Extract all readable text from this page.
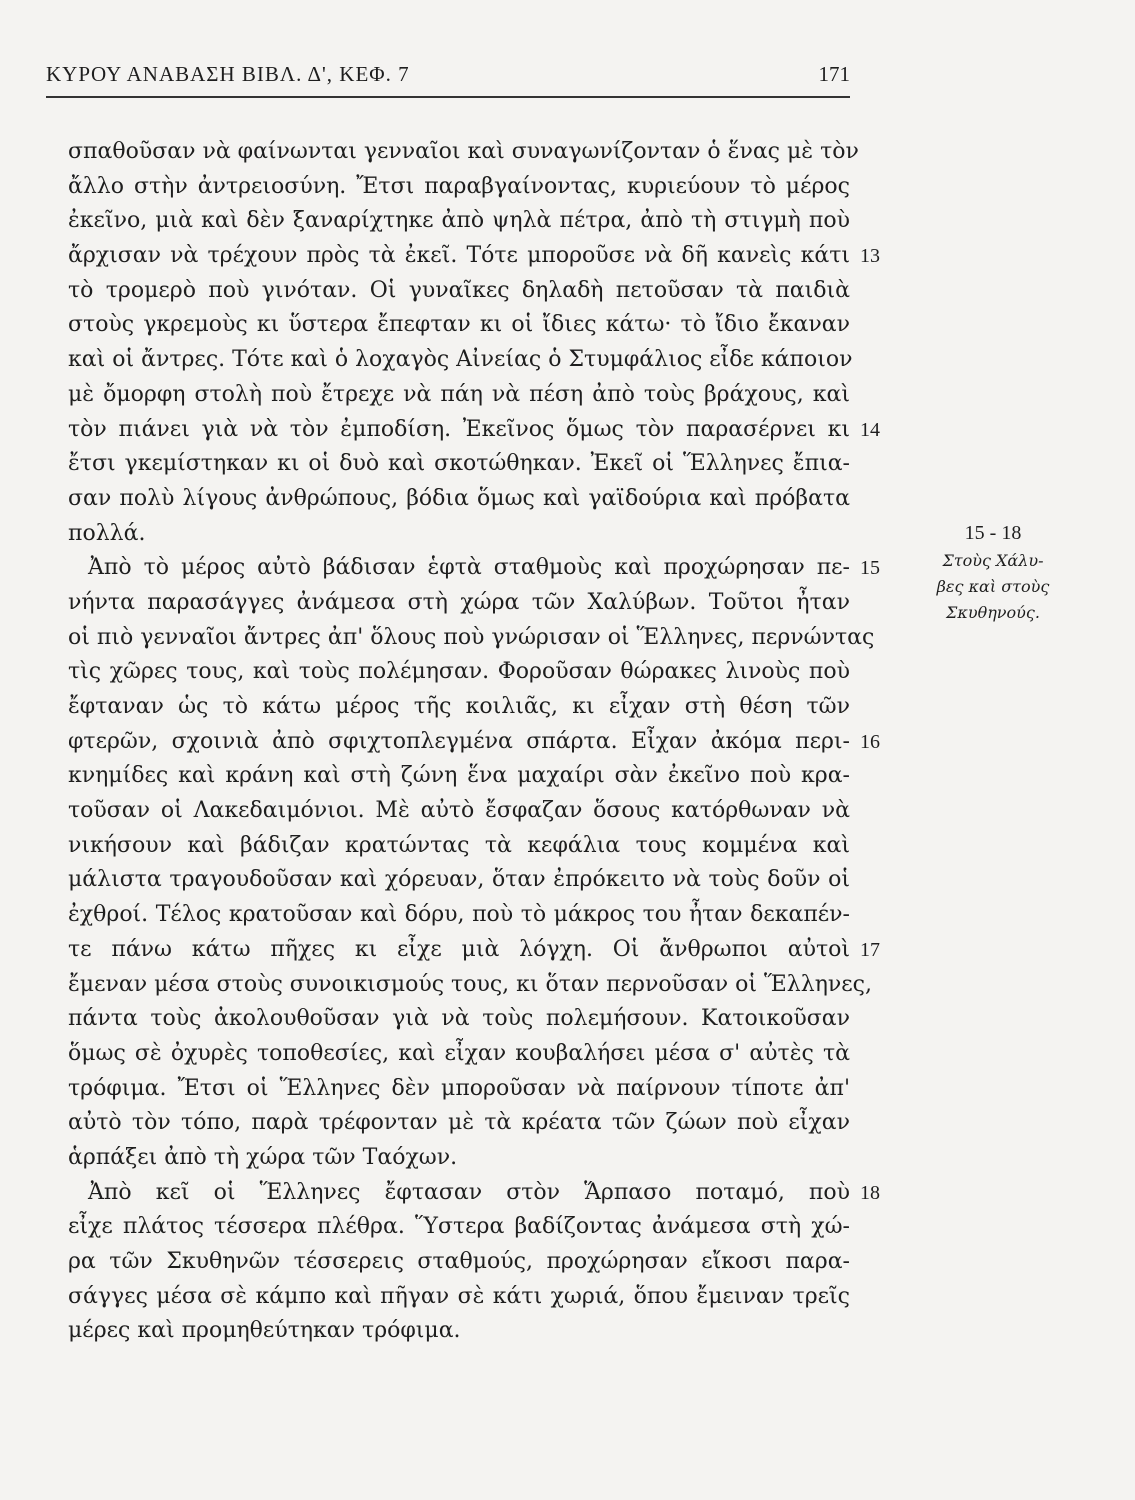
ΚΥΡΟΥ ΑΝΑΒΑΣΗ ΒΙΒΛ. Δ', ΚΕΦ. 7	171
σπαθοῦσαν νὰ φαίνωνται γενναῖοι καὶ συναγωνίζονταν ὁ ἕνας μὲ τὸν
ἄλλο στὴν ἀντρειοσύνη. Ἔτσι παραβγαίνοντας, κυριεύουν τὸ μέρος
ἐκεῖνο, μιὰ καὶ δὲν ξαναρίχτηκε ἀπὸ ψηλὰ πέτρα, ἀπὸ τὴ στιγμὴ ποὺ
ἄρχισαν νὰ τρέχουν πρὸς τὰ ἐκεῖ. Τότε μποροῦσε νὰ δῆ κανεὶς κάτι
τὸ τρομερὸ ποὺ γινόταν. Οἱ γυναῖκες δηλαδὴ πετοῦσαν τὰ παιδιὰ
στοὺς γκρεμοὺς κι ὕστερα ἔπεφταν κι οἱ ἴδιες κάτω· τὸ ἴδιο ἔκαναν
καὶ οἱ ἄντρες. Τότε καὶ ὁ λοχαγὸς Αἰνείας ὁ Στυμφάλιος εἶδε κάποιον
μὲ ὄμορφη στολὴ ποὺ ἔτρεχε νὰ πάη νὰ πέση ἀπὸ τοὺς βράχους, καὶ
τὸν πιάνει γιὰ νὰ τὸν ἐμποδίση. Ἐκεῖνος ὅμως τὸν παρασέρνει κι
ἔτσι γκεμίστηκαν κι οἱ δυὸ καὶ σκοτώθηκαν. Ἐκεῖ οἱ Ἕλληνες ἔπια-
σαν πολὺ λίγους ἀνθρώπους, βόδια ὅμως καὶ γαϊδούρια καὶ πρόβατα
πολλά.
Ἀπὸ τὸ μέρος αὐτὸ βάδισαν ἑφτὰ σταθμοὺς καὶ προχώρησαν πε-
νήντα παρασάγγες ἀνάμεσα στὴ χώρα τῶν Χαλύβων. Τοῦτοι ἦταν
οἱ πιὸ γενναῖοι ἄντρες ἀπ' ὅλους ποὺ γνώρισαν οἱ Ἕλληνες, περνώντας
τὶς χῶρες τους, καὶ τοὺς πολέμησαν. Φοροῦσαν θώρακες λινοὺς ποὺ
ἔφταναν ὡς τὸ κάτω μέρος τῆς κοιλιᾶς, κι εἶχαν στὴ θέση τῶν
φτερῶν, σχοινιὰ ἀπὸ σφιχτοπλεγμένα σπάρτα. Εἶχαν ἀκόμα περι-
κνημίδες καὶ κράνη καὶ στὴ ζώνη ἕνα μαχαίρι σὰν ἐκεῖνο ποὺ κρα-
τοῦσαν οἱ Λακεδαιμόνιοι. Μὲ αὐτὸ ἔσφαζαν ὅσους κατόρθωναν νὰ
νικήσουν καὶ βάδιζαν κρατώντας τὰ κεφάλια τους κομμένα καὶ
μάλιστα τραγουδοῦσαν καὶ χόρευαν, ὅταν ἐπρόκειτο νὰ τοὺς δοῦν οἱ
ἐχθροί. Τέλος κρατοῦσαν καὶ δόρυ, ποὺ τὸ μάκρος του ἦταν δεκαπέν-
τε πάνω κάτω πῆχες κι εἶχε μιὰ λόγχη. Οἱ ἄνθρωποι αὐτοὶ
ἔμεναν μέσα στοὺς συνοικισμούς τους, κι ὅταν περνοῦσαν οἱ Ἕλληνες,
πάντα τοὺς ἀκολουθοῦσαν γιὰ νὰ τοὺς πολεμήσουν. Κατοικοῦσαν
ὅμως σὲ ὀχυρὲς τοποθεσίες, καὶ εἶχαν κουβαλήσει μέσα σ' αὐτὲς τὰ
τρόφιμα. Ἔτσι οἱ Ἕλληνες δὲν μποροῦσαν νὰ παίρνουν τίποτε ἀπ'
αὐτὸ τὸν τόπο, παρὰ τρέφονταν μὲ τὰ κρέατα τῶν ζώων ποὺ εἶχαν
ἁρπάξει ἀπὸ τὴ χώρα τῶν Ταόχων.
Ἀπὸ κεῖ οἱ Ἕλληνες ἔφτασαν στὸν Ἅρπασο ποταμό, ποὺ
εἶχε πλάτος τέσσερα πλέθρα. Ὕστερα βαδίζοντας ἀνάμεσα στὴ χώ-
ρα τῶν Σκυθηνῶν τέσσερεις σταθμούς, προχώρησαν εἴκοσι παρα-
σάγγες μέσα σὲ κάμπο καὶ πῆγαν σὲ κάτι χωριά, ὅπου ἔμειναν τρεῖς
μέρες καὶ προμηθεύτηκαν τρόφιμα.
13
14
15
16
17
18
15 - 18
Στοὺς Χάλυ-
βες καὶ στοὺς
Σκυθηνούς.
